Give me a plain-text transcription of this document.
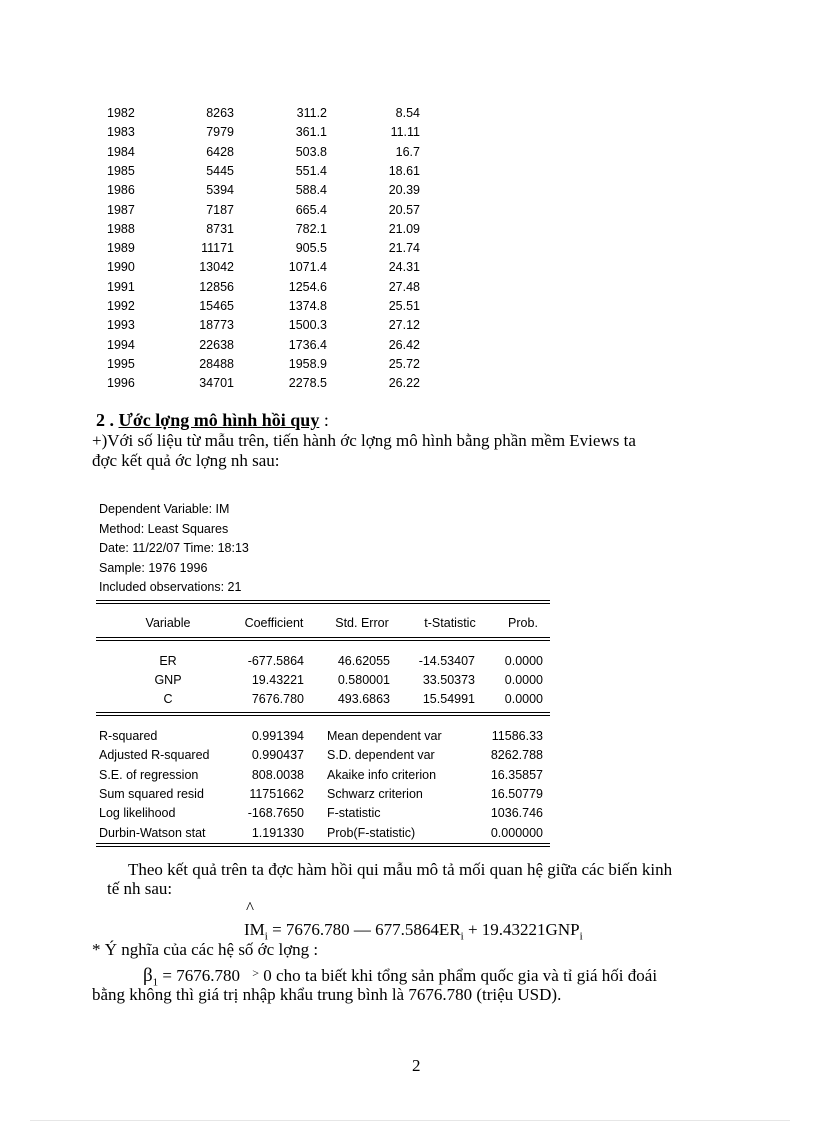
1982	8263	311.2	8.54
1983	7979	361.1	11.11
1984	6428	503.8	16.7
1985	5445	551.4	18.61
1986	5394	588.4	20.39
1987	7187	665.4	20.57
1988	8731	782.1	21.09
1989	11171	905.5	21.74
1990	13042	1071.4	24.31
1991	12856	1254.6	27.48
1992	15465	1374.8	25.51
1993	18773	1500.3	27.12
1994	22638	1736.4	26.42
1995	28488	1958.9	25.72
1996	34701	2278.5	26.22
2 . Ước lợng mô hình hồi quy :
+)Với số liệu từ mẫu trên, tiến hành ớc lợng mô hình bằng phần mềm Eviews ta
đợc kết quả ớc lợng nh sau:
Dependent Variable: IM
Method: Least Squares
Date: 11/22/07 Time: 18:13
Sample: 1976 1996
Included observations: 21
Variable	Coefficient	Std. Error	t-Statistic	Prob.
ER	-677.5864	46.62055	-14.53407	0.0000
GNP	19.43221	0.580001	33.50373	0.0000
C	7676.780	493.6863	15.54991	0.0000
R-squared	0.991394 Mean dependent var	11586.33
Adjusted R-squared	0.990437 S.D. dependent var	8262.788
S.E. of regression	808.0038 Akaike info criterion	16.35857
Sum squared resid	11751662 Schwarz criterion	16.50779
Log likelihood	-168.7650 F-statistic	1036.746
Durbin-Watson stat	1.191330 Prob(F-statistic)	0.000000
Theo kết quả trên ta đợc hàm hồi qui mẫu mô tả mối quan hệ giữa các biến kinh
tế nh sau:
^
$IM_i = 7676.780$ ― $677.5864ER_i + 19.43221GNP_i$
* Ý nghĩa của các hệ số ớc lợng :
$\beta_1 = 7676.780$ > 0 cho ta biết khi tổng sản phẩm quốc gia và tỉ giá hối đoái
bằng không thì giá trị nhập khẩu trung bình là 7676.780 (triệu USD).
2
